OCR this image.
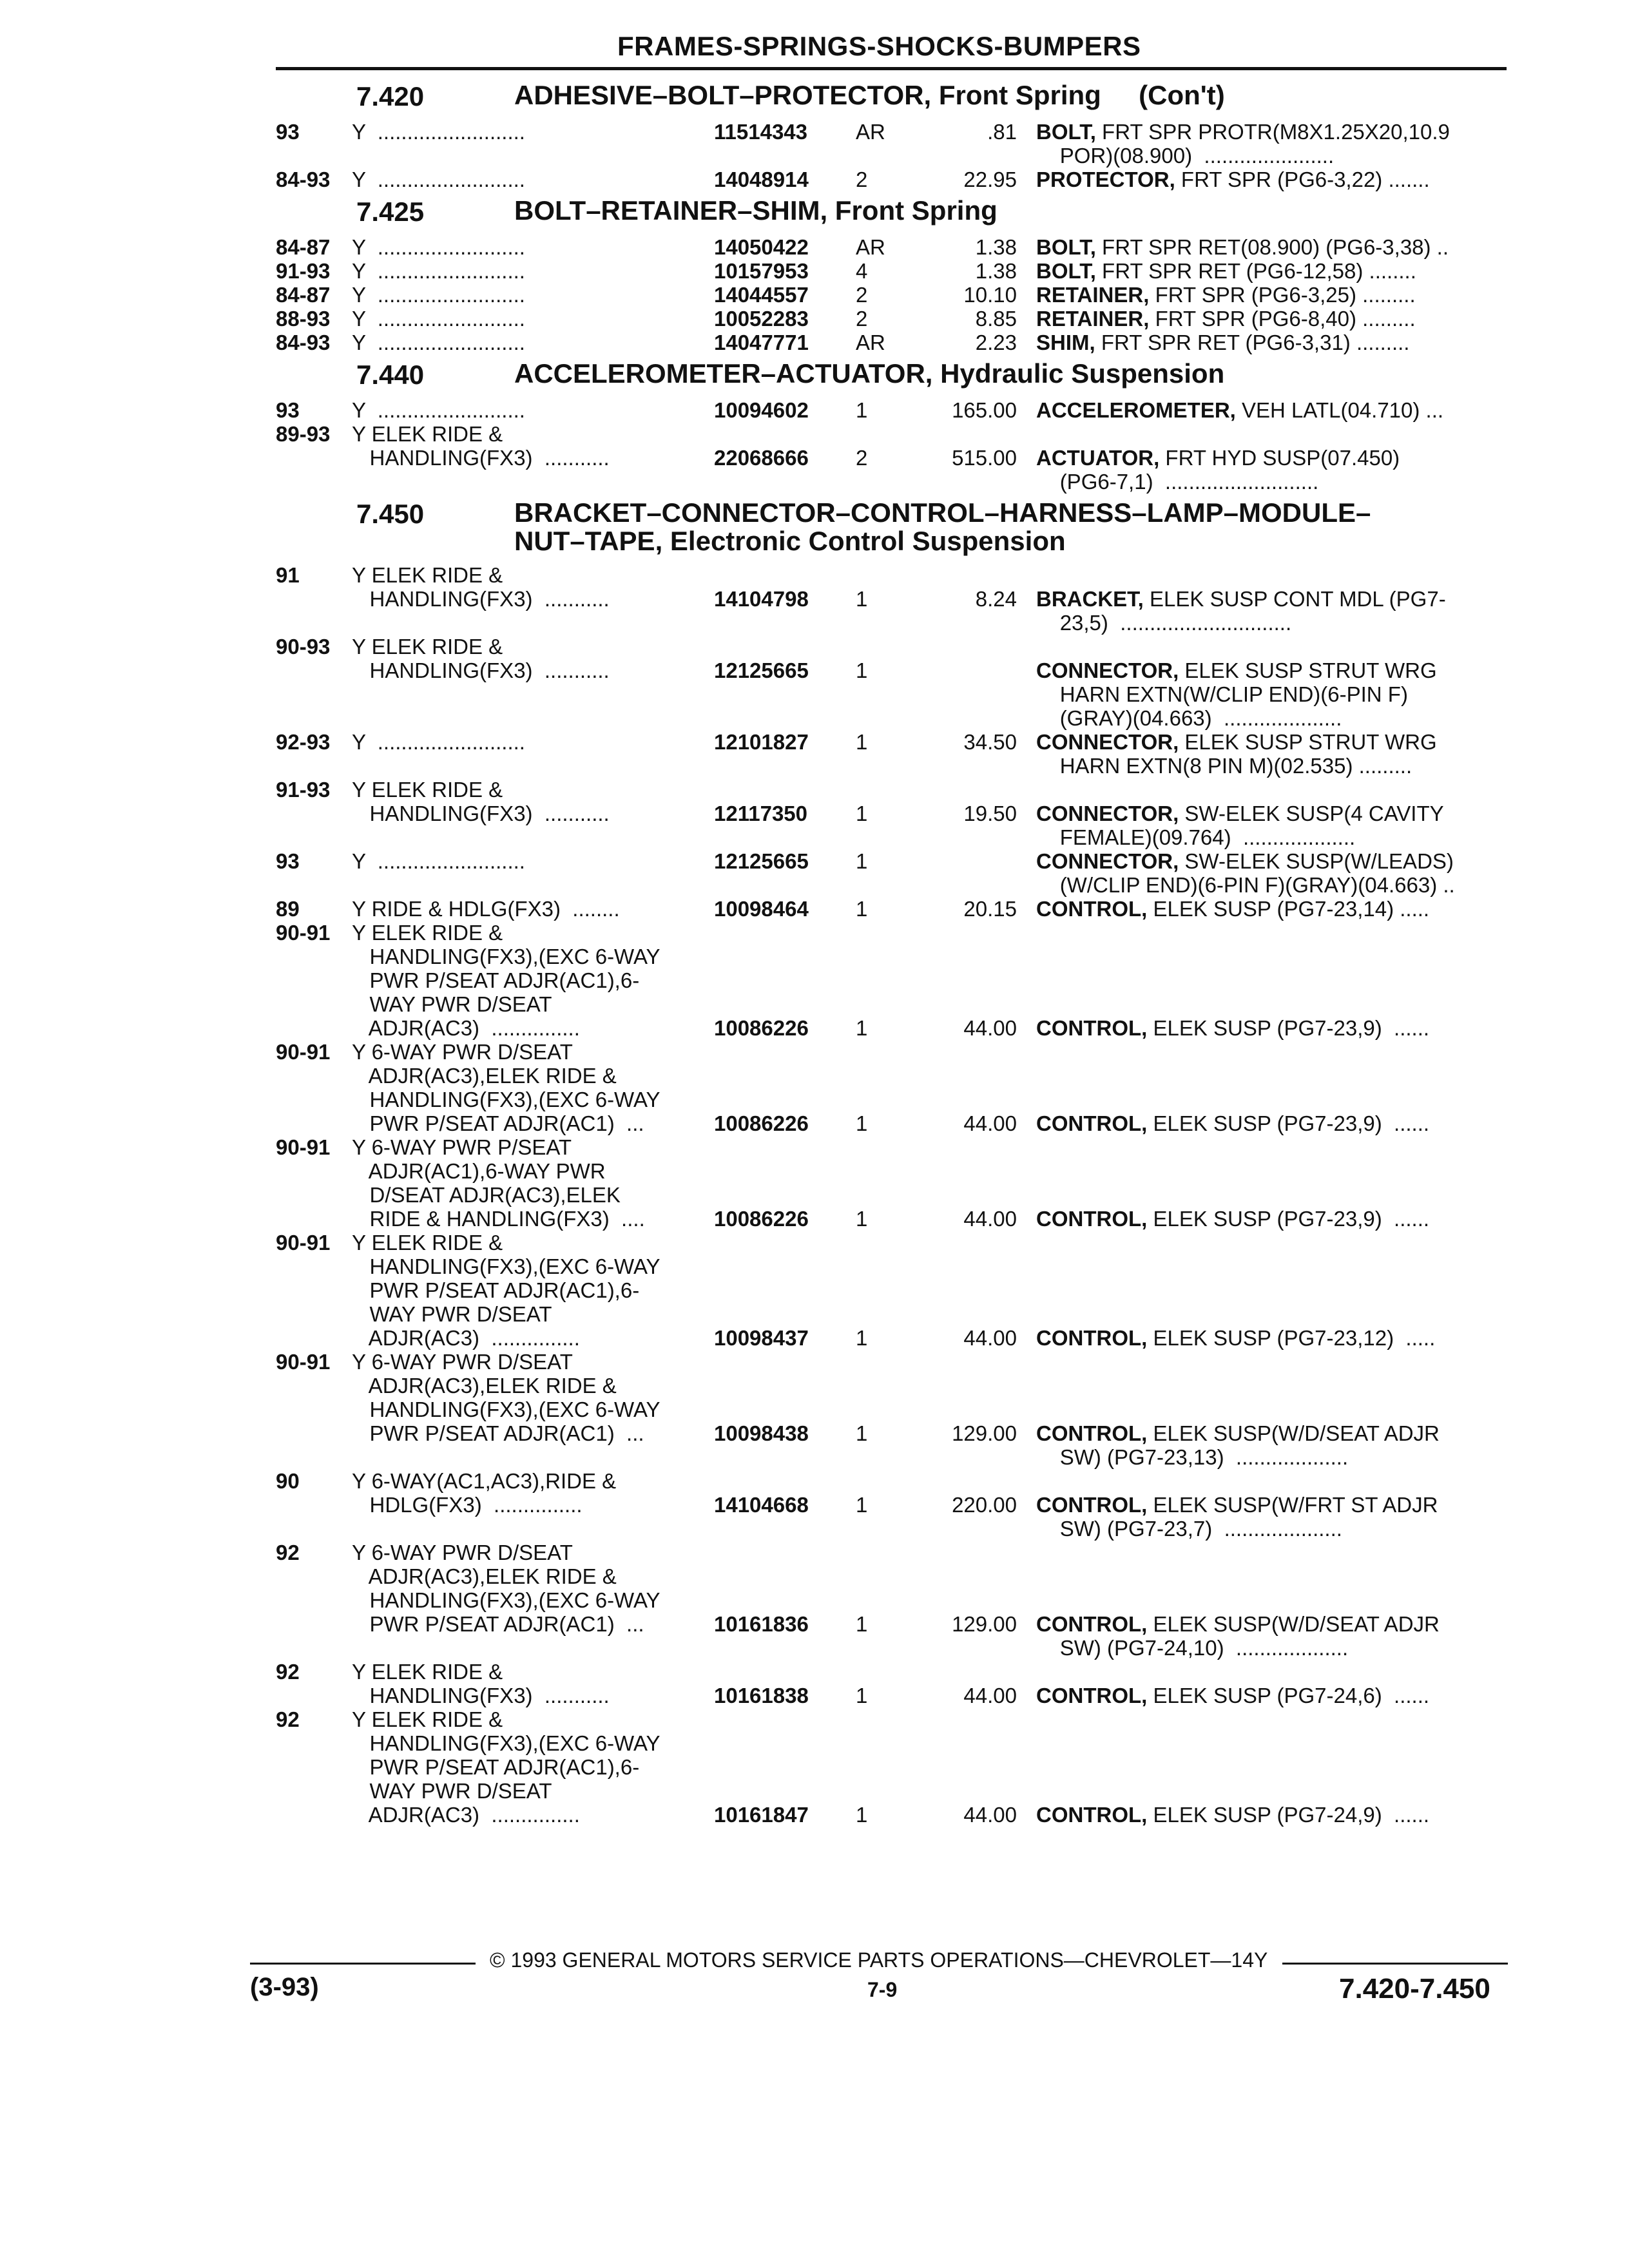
FRAMES-SPRINGS-SHOCKS-BUMPERS
7.420	ADHESIVE–BOLT–PROTECTOR, Front Spring     (Con't)
93 Y  .........................	11514343 AR	.81 BOLT, FRT SPR PROTR(M8X1.25X20,10.9
POR)(08.900)  ......................
84-93 Y  .........................	14048914 2	22.95 PROTECTOR, FRT SPR (PG6-3,22) .......
7.425	BOLT–RETAINER–SHIM, Front Spring
84-87 Y  .........................	14050422 AR	1.38 BOLT, FRT SPR RET(08.900) (PG6-3,38) ..
91-93 Y  .........................	10157953 4	1.38 BOLT, FRT SPR RET (PG6-12,58) ........
84-87 Y  .........................	14044557 2	10.10 RETAINER, FRT SPR (PG6-3,25) .........
88-93 Y  .........................	10052283 2	8.85 RETAINER, FRT SPR (PG6-8,40) .........
84-93 Y  .........................	14047771 AR	2.23 SHIM, FRT SPR RET (PG6-3,31) .........
7.440	ACCELEROMETER–ACTUATOR, Hydraulic Suspension
93 Y  .........................	10094602 1	165.00 ACCELEROMETER, VEH LATL(04.710) ...
89-93 Y ELEK RIDE &
HANDLING(FX3)  ...........	22068666 2	515.00 ACTUATOR, FRT HYD SUSP(07.450)
(PG6-7,1)  ..........................
7.450	BRACKET–CONNECTOR–CONTROL–HARNESS–LAMP–MODULE–
NUT–TAPE, Electronic Control Suspension
91 Y ELEK RIDE &
HANDLING(FX3)  ...........	14104798 1	8.24 BRACKET, ELEK SUSP CONT MDL (PG7-
23,5)  .............................
90-93 Y ELEK RIDE &
HANDLING(FX3)  ...........	12125665 1	CONNECTOR, ELEK SUSP STRUT WRG
HARN EXTN(W/CLIP END)(6-PIN F)
(GRAY)(04.663)  ....................
92-93 Y  .........................	12101827 1	34.50 CONNECTOR, ELEK SUSP STRUT WRG
HARN EXTN(8 PIN M)(02.535) .........
91-93 Y ELEK RIDE &
HANDLING(FX3)  ...........	12117350 1	19.50 CONNECTOR, SW-ELEK SUSP(4 CAVITY
FEMALE)(09.764)  ...................
93 Y  .........................	12125665 1	CONNECTOR, SW-ELEK SUSP(W/LEADS)
(W/CLIP END)(6-PIN F)(GRAY)(04.663) ..
89 Y RIDE & HDLG(FX3)  ........	10098464 1	20.15 CONTROL, ELEK SUSP (PG7-23,14) .....
90-91 Y ELEK RIDE &
HANDLING(FX3),(EXC 6-WAY
PWR P/SEAT ADJR(AC1),6-
WAY PWR D/SEAT
ADJR(AC3)  ...............	10086226 1	44.00 CONTROL, ELEK SUSP (PG7-23,9)  ......
90-91 Y 6-WAY PWR D/SEAT
ADJR(AC3),ELEK RIDE &
HANDLING(FX3),(EXC 6-WAY
PWR P/SEAT ADJR(AC1)  ...	10086226 1	44.00 CONTROL, ELEK SUSP (PG7-23,9)  ......
90-91 Y 6-WAY PWR P/SEAT
ADJR(AC1),6-WAY PWR
D/SEAT ADJR(AC3),ELEK
RIDE & HANDLING(FX3)  ....	10086226 1	44.00 CONTROL, ELEK SUSP (PG7-23,9)  ......
90-91 Y ELEK RIDE &
HANDLING(FX3),(EXC 6-WAY
PWR P/SEAT ADJR(AC1),6-
WAY PWR D/SEAT
ADJR(AC3)  ...............	10098437 1	44.00 CONTROL, ELEK SUSP (PG7-23,12)  .....
90-91 Y 6-WAY PWR D/SEAT
ADJR(AC3),ELEK RIDE &
HANDLING(FX3),(EXC 6-WAY
PWR P/SEAT ADJR(AC1)  ...	10098438 1	129.00 CONTROL, ELEK SUSP(W/D/SEAT ADJR
SW) (PG7-23,13)  ...................
90 Y 6-WAY(AC1,AC3),RIDE &
HDLG(FX3)  ...............	14104668 1	220.00 CONTROL, ELEK SUSP(W/FRT ST ADJR
SW) (PG7-23,7)  ....................
92 Y 6-WAY PWR D/SEAT
ADJR(AC3),ELEK RIDE &
HANDLING(FX3),(EXC 6-WAY
PWR P/SEAT ADJR(AC1)  ...	10161836 1	129.00 CONTROL, ELEK SUSP(W/D/SEAT ADJR
SW) (PG7-24,10)  ...................
92 Y ELEK RIDE &
HANDLING(FX3)  ...........	10161838 1	44.00 CONTROL, ELEK SUSP (PG7-24,6)  ......
92 Y ELEK RIDE &
HANDLING(FX3),(EXC 6-WAY
PWR P/SEAT ADJR(AC1),6-
WAY PWR D/SEAT
ADJR(AC3)  ...............	10161847 1	44.00 CONTROL, ELEK SUSP (PG7-24,9)  ......
© 1993 GENERAL MOTORS SERVICE PARTS OPERATIONS—CHEVROLET—14Y
(3-93)	7-9	7.420-7.450
